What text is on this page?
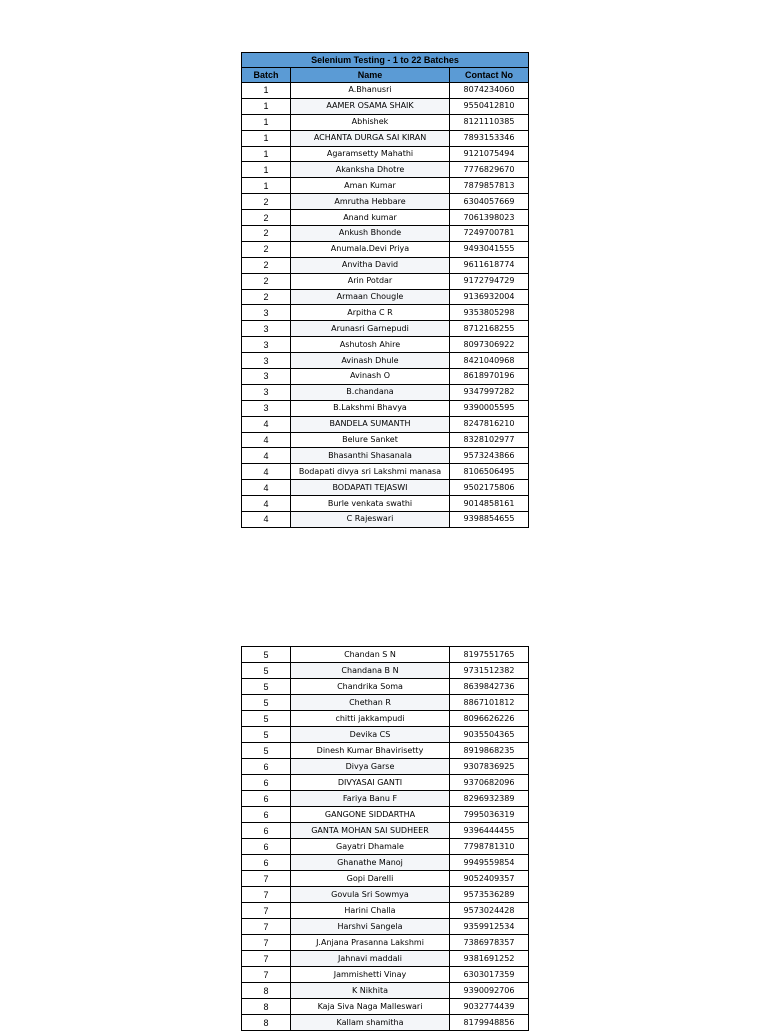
Selenium Testing - 1 to 22 Batches		
Batch	Name	Contact No
1	A.Bhanusri	8074234060
1	AAMER OSAMA SHAIK	9550412810
1	Abhishek	8121110385
1	ACHANTA DURGA SAI KIRAN	7893153346
1	Agaramsetty Mahathi	9121075494
1	Akanksha Dhotre	7776829670
1	Aman Kumar	7879857813
2	Amrutha Hebbare	6304057669
2	Anand kumar	7061398023
2	Ankush Bhonde	7249700781
2	Anumala.Devi Priya	9493041555
2	Anvitha David	9611618774
2	Arin Potdar	9172794729
2	Armaan Chougle	9136932004
3	Arpitha C R	9353805298
3	Arunasri Garnepudi	8712168255
3	Ashutosh Ahire	8097306922
3	Avinash Dhule	8421040968
3	Avinash O	8618970196
3	B.chandana	9347997282
3	B.Lakshmi Bhavya	9390005595
4	BANDELA SUMANTH	8247816210
4	Belure Sanket	8328102977
4	Bhasanthi Shasanala	9573243866
4	Bodapati divya sri Lakshmi manasa	8106506495
4	BODAPATI TEJASWI	9502175806
4	Burle venkata swathi	9014858161
4	C Rajeswari	9398854655
5	Chandan S N	8197551765
5	Chandana B N	9731512382
5	Chandrika Soma	8639842736
5	Chethan R	8867101812
5	chitti jakkampudi	8096626226
5	Devika CS	9035504365
5	Dinesh Kumar Bhavirisetty	8919868235
6	Divya Garse	9307836925
6	DIVYASAI GANTI	9370682096
6	Fariya Banu F	8296932389
6	GANGONE SIDDARTHA	7995036319
6	GANTA MOHAN SAI SUDHEER	9396444455
6	Gayatri Dhamale	7798781310
6	Ghanathe Manoj	9949559854
7	Gopi Darelli	9052409357
7	Govula Sri Sowmya	9573536289
7	Harini Challa	9573024428
7	Harshvi Sangela	9359912534
7	J.Anjana Prasanna Lakshmi	7386978357
7	Jahnavi maddali	9381691252
7	Jammishetti Vinay	6303017359
8	K Nikhita	9390092706
8	Kaja Siva Naga Malleswari	9032774439
8	Kallam shamitha	8179948856
